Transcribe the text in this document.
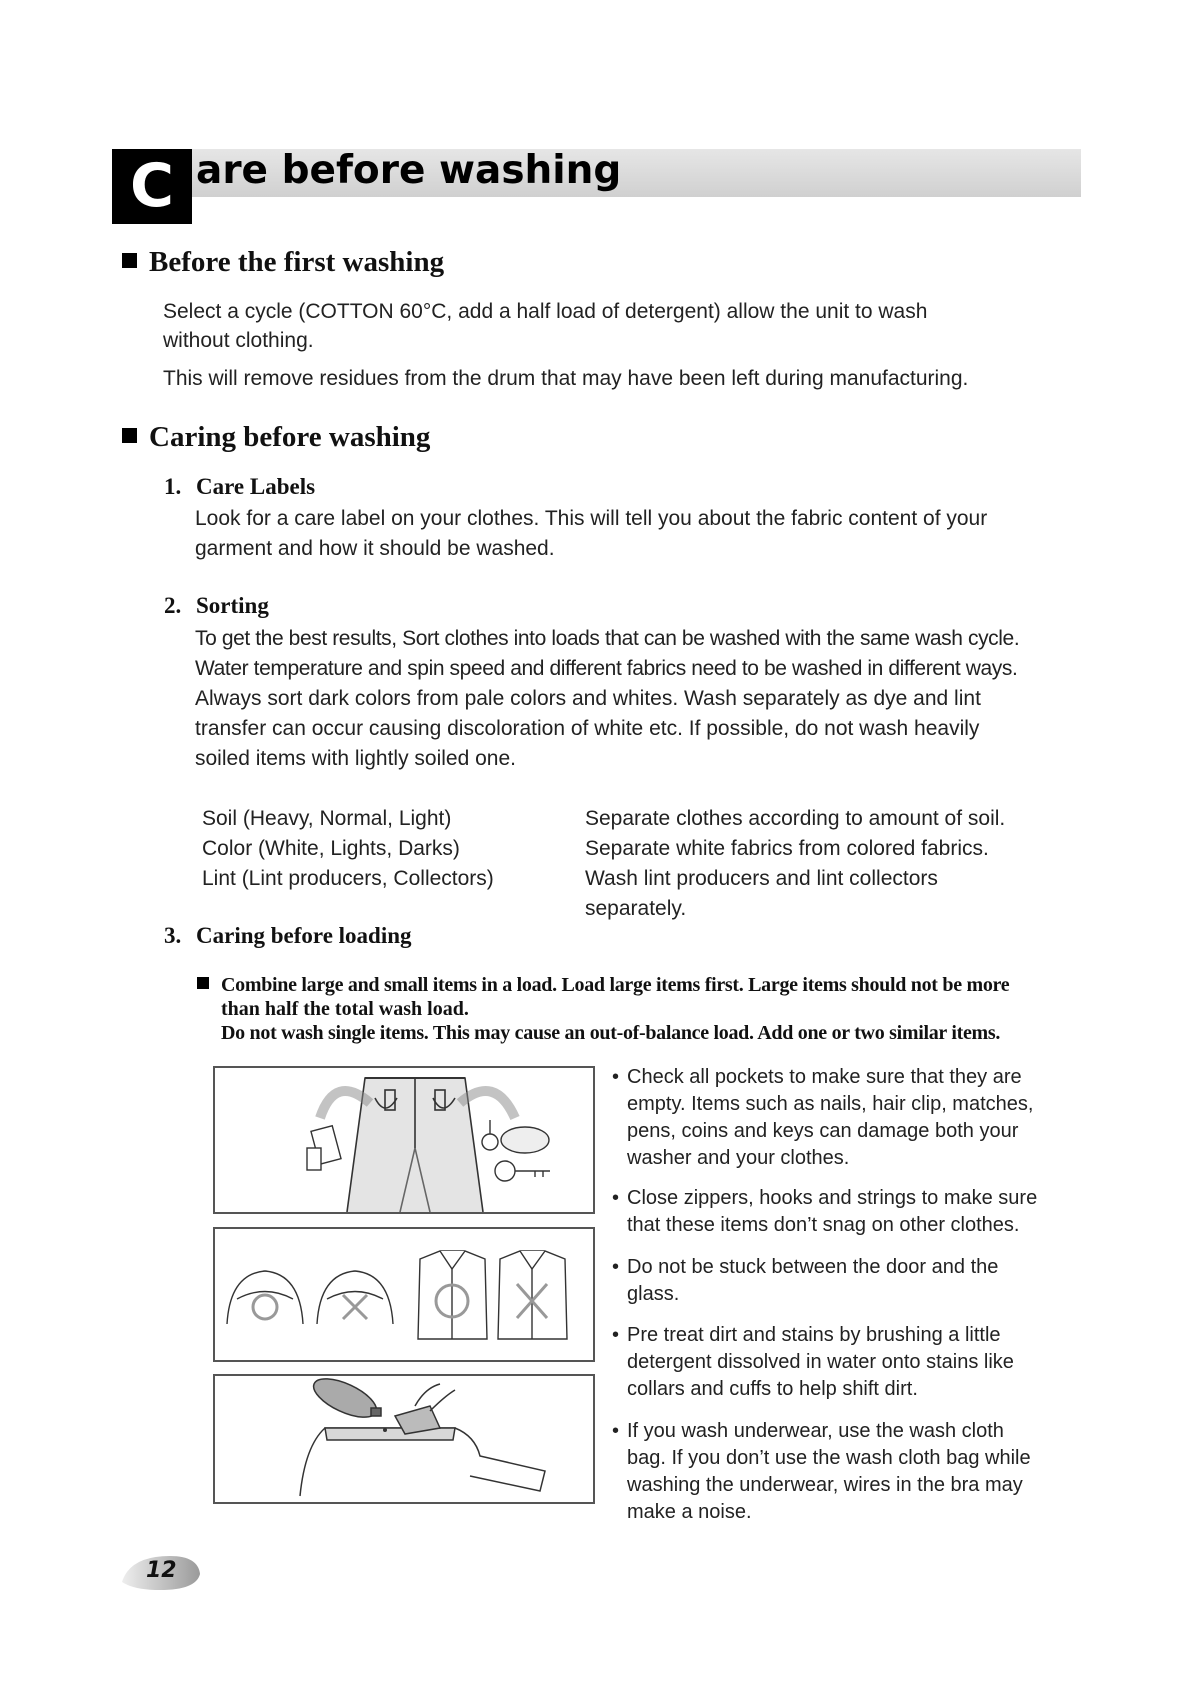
C are before washing
Before the first washing
Select a cycle (COTTON 60°C, add a half load of detergent) allow the unit to wash
without clothing.
This will remove residues from the drum that may have been left during manufacturing.
Caring before washing
1. Care Labels
Look for a care label on your clothes. This will tell you about the fabric content of your
garment and how it should be washed.
2. Sorting
To get the best results, Sort clothes into loads that can be washed with the same wash cycle.
Water temperature and spin speed and different fabrics need to be washed in different ways.
Always sort dark colors from pale colors and whites. Wash separately as dye and lint
transfer can occur causing discoloration of white etc. If possible, do not wash heavily
soiled items with lightly soiled one.
Soil (Heavy, Normal, Light)	Separate clothes according to amount of soil.
Color (White, Lights, Darks)	Separate white fabrics from colored fabrics.
Lint (Lint producers, Collectors)	Wash lint producers and lint collectors
separately.
3. Caring before loading
Combine large and small items in a load. Load large items first. Large items should not be more
than half the total wash load.
Do not wash single items. This may cause an out-of-balance load. Add one or two similar items.
• Check all pockets to make sure that they are
empty. Items such as nails, hair clip, matches,
pens, coins and keys can damage both your
washer and your clothes.
• Close zippers, hooks and strings to make sure
that these items don’t snag on other clothes.
• Do not be stuck between the door and the
glass.
• Pre treat dirt and stains by brushing a little
detergent dissolved in water onto stains like
collars and cuffs to help shift dirt.
• If you wash underwear, use the wash cloth
bag. If you don’t use the wash cloth bag while
washing the underwear, wires in the bra may
make a noise.
12
